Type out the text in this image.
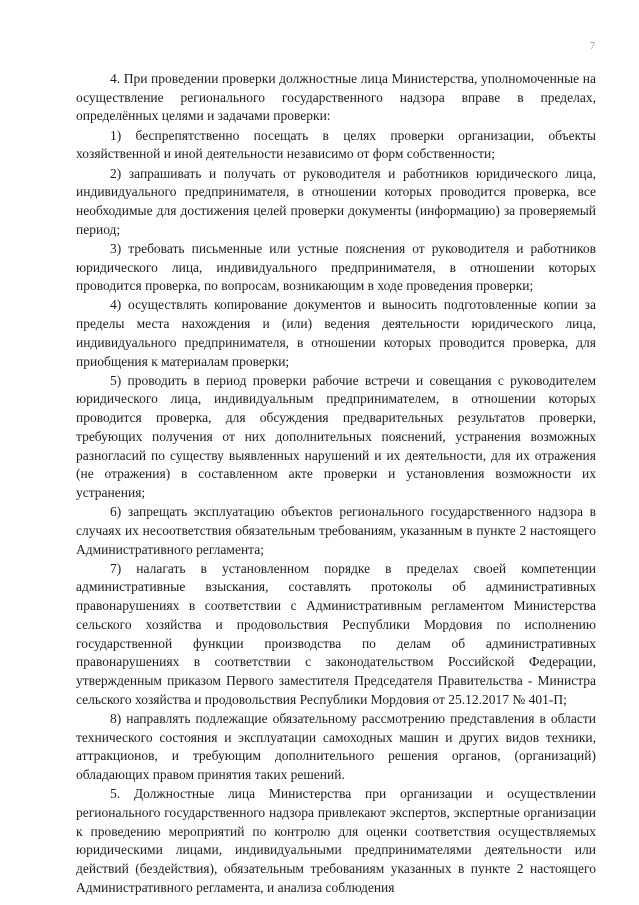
7

4. При проведении проверки должностные лица Министерства, уполномоченные на осуществление регионального государственного надзора вправе в пределах, определённых целями и задачами проверки:

1) беспрепятственно посещать в целях проверки организации, объекты хозяйственной и иной деятельности независимо от форм собственности;

2) запрашивать и получать от руководителя и работников юридического лица, индивидуального предпринимателя, в отношении которых проводится проверка, все необходимые для достижения целей проверки документы (информацию) за проверяемый период;

3) требовать письменные или устные пояснения от руководителя и работников юридического лица, индивидуального предпринимателя, в отношении которых проводится проверка, по вопросам, возникающим в ходе проведения проверки;

4) осуществлять копирование документов и выносить подготовленные копии за пределы места нахождения и (или) ведения деятельности юридического лица, индивидуального предпринимателя, в отношении которых проводится проверка, для приобщения к материалам проверки;

5) проводить в период проверки рабочие встречи и совещания с руководителем юридического лица, индивидуальным предпринимателем, в отношении которых проводится проверка, для обсуждения предварительных результатов проверки, требующих получения от них дополнительных пояснений, устранения возможных разногласий по существу выявленных нарушений и их деятельности, для их отражения (не отражения) в составленном акте проверки и установления возможности их устранения;

6) запрещать эксплуатацию объектов регионального государственного надзора в случаях их несоответствия обязательным требованиям, указанным в пункте 2 настоящего Административного регламента;

7) налагать в установленном порядке в пределах своей компетенции административные взыскания, составлять протоколы об административных правонарушениях в соответствии с Административным регламентом Министерства сельского хозяйства и продовольствия Республики Мордовия по исполнению государственной функции производства по делам об административных правонарушениях в соответствии с законодательством Российской Федерации, утвержденным приказом Первого заместителя Председателя Правительства - Министра сельского хозяйства и продовольствия Республики Мордовия от 25.12.2017 № 401-П;

8) направлять подлежащие обязательному рассмотрению представления в области технического состояния и эксплуатации самоходных машин и других видов техники, аттракционов, и требующим дополнительного решения органов, (организаций) обладающих правом принятия таких решений.

5. Должностные лица Министерства при организации и осуществлении регионального государственного надзора привлекают экспертов, экспертные организации к проведению мероприятий по контролю для оценки соответствия осуществляемых юридическими лицами, индивидуальными предпринимателями деятельности или действий (бездействия), обязательным требованиям указанных в пункте 2 настоящего Административного регламента, и анализа соблюдения
